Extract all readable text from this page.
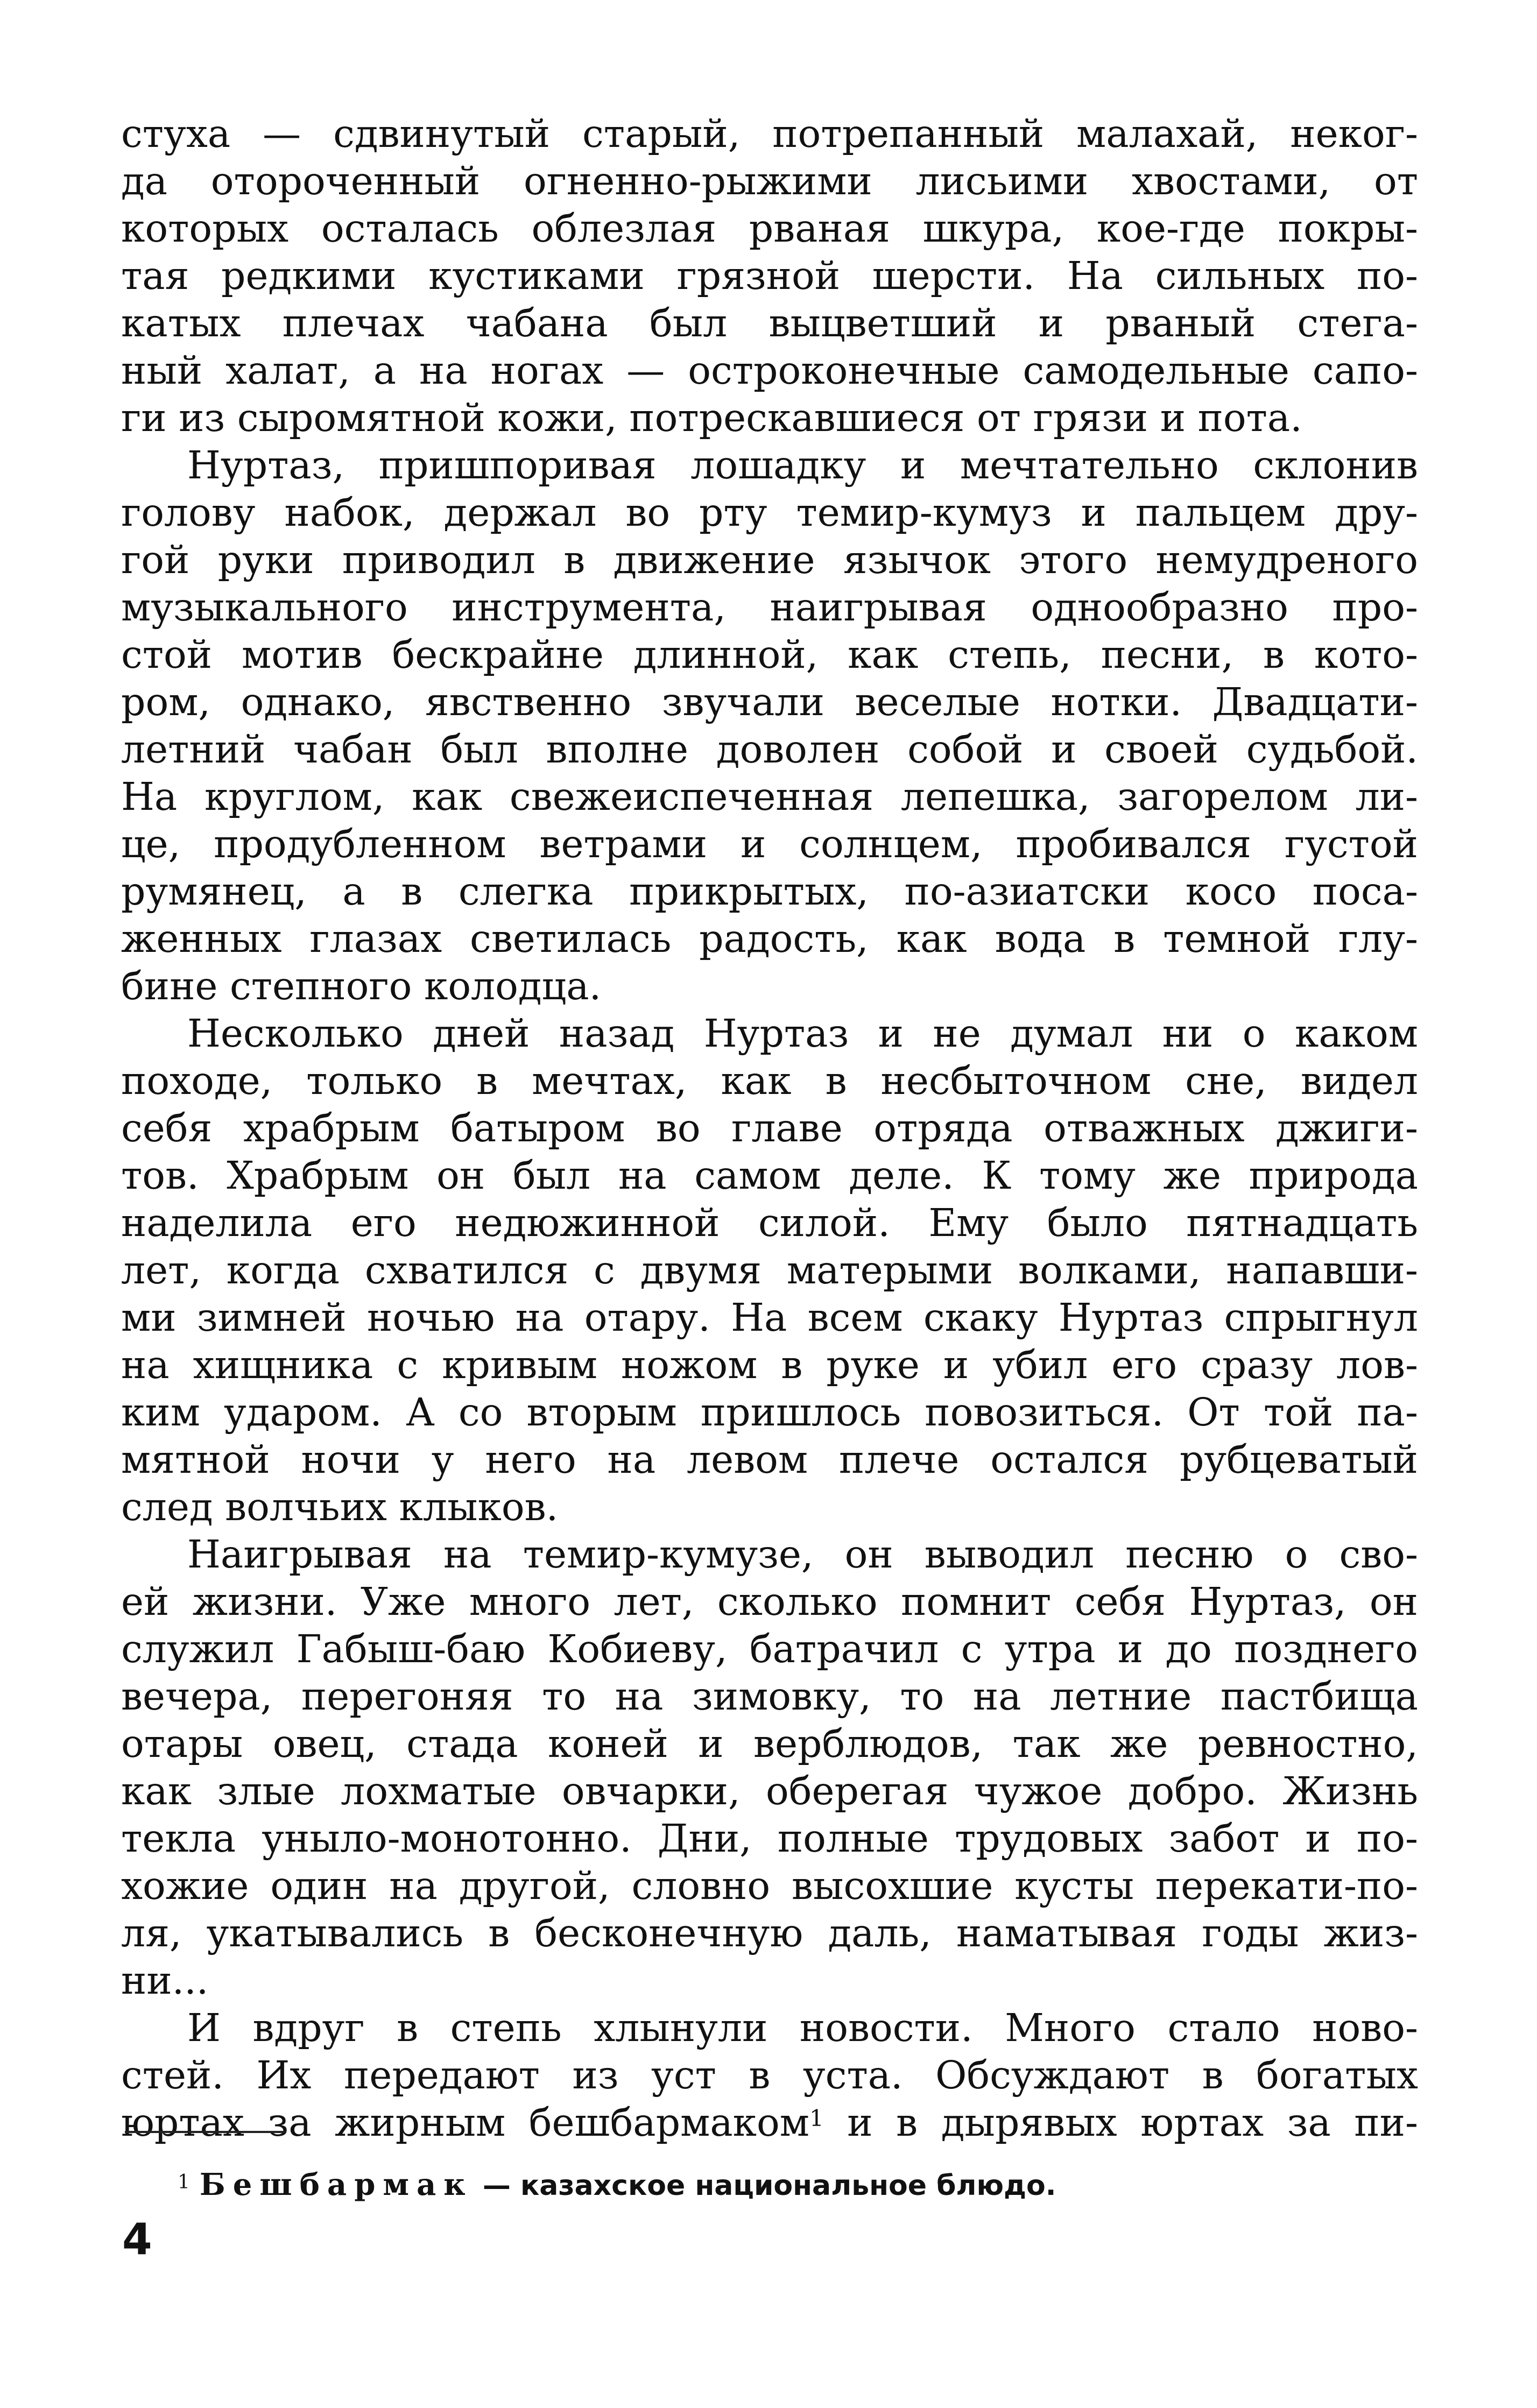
стуха — сдвинутый старый, потрепанный малахай, неког-
да отороченный огненно-рыжими лисьими хвостами, от
которых осталась облезлая рваная шкура, кое-где покры-
тая редкими кустиками грязной шерсти. На сильных по-
катых плечах чабана был выцветший и рваный стега-
ный халат, а на ногах — остроконечные самодельные сапо-
ги из сыромятной кожи, потрескавшиеся от грязи и пота.
Нуртаз, пришпоривая лошадку и мечтательно склонив
голову набок, держал во рту темир-кумуз и пальцем дру-
гой руки приводил в движение язычок этого немудреного
музыкального инструмента, наигрывая однообразно про-
стой мотив бескрайне длинной, как степь, песни, в кото-
ром, однако, явственно звучали веселые нотки. Двадцати-
летний чабан был вполне доволен собой и своей судьбой.
На круглом, как свежеиспеченная лепешка, загорелом ли-
це, продубленном ветрами и солнцем, пробивался густой
румянец, а в слегка прикрытых, по-азиатски косо поса-
женных глазах светилась радость, как вода в темной глу-
бине степного колодца.
Несколько дней назад Нуртаз и не думал ни о каком
походе, только в мечтах, как в несбыточном сне, видел
себя храбрым батыром во главе отряда отважных джиги-
тов. Храбрым он был на самом деле. К тому же природа
наделила его недюжинной силой. Ему было пятнадцать
лет, когда схватился с двумя матерыми волками, напавши-
ми зимней ночью на отару. На всем скаку Нуртаз спрыгнул
на хищника с кривым ножом в руке и убил его сразу лов-
ким ударом. А со вторым пришлось повозиться. От той па-
мятной ночи у него на левом плече остался рубцеватый
след волчьих клыков.
Наигрывая на темир-кумузе, он выводил песню о сво-
ей жизни. Уже много лет, сколько помнит себя Нуртаз, он
служил Габыш-баю Кобиеву, батрачил с утра и до позднего
вечера, перегоняя то на зимовку, то на летние пастбища
отары овец, стада коней и верблюдов, так же ревностно,
как злые лохматые овчарки, оберегая чужое добро. Жизнь
текла уныло-монотонно. Дни, полные трудовых забот и по-
хожие один на другой, словно высохшие кусты перекати-по-
ля, укатывались в бесконечную даль, наматывая годы жиз-
ни...
И вдруг в степь хлынули новости. Много стало ново-
стей. Их передают из уст в уста. Обсуждают в богатых
юртах за жирным бешбармаком$^1$ и в дырявых юртах за пи-
$^1$ Бешбармак — казахское национальное блюдо.
4
